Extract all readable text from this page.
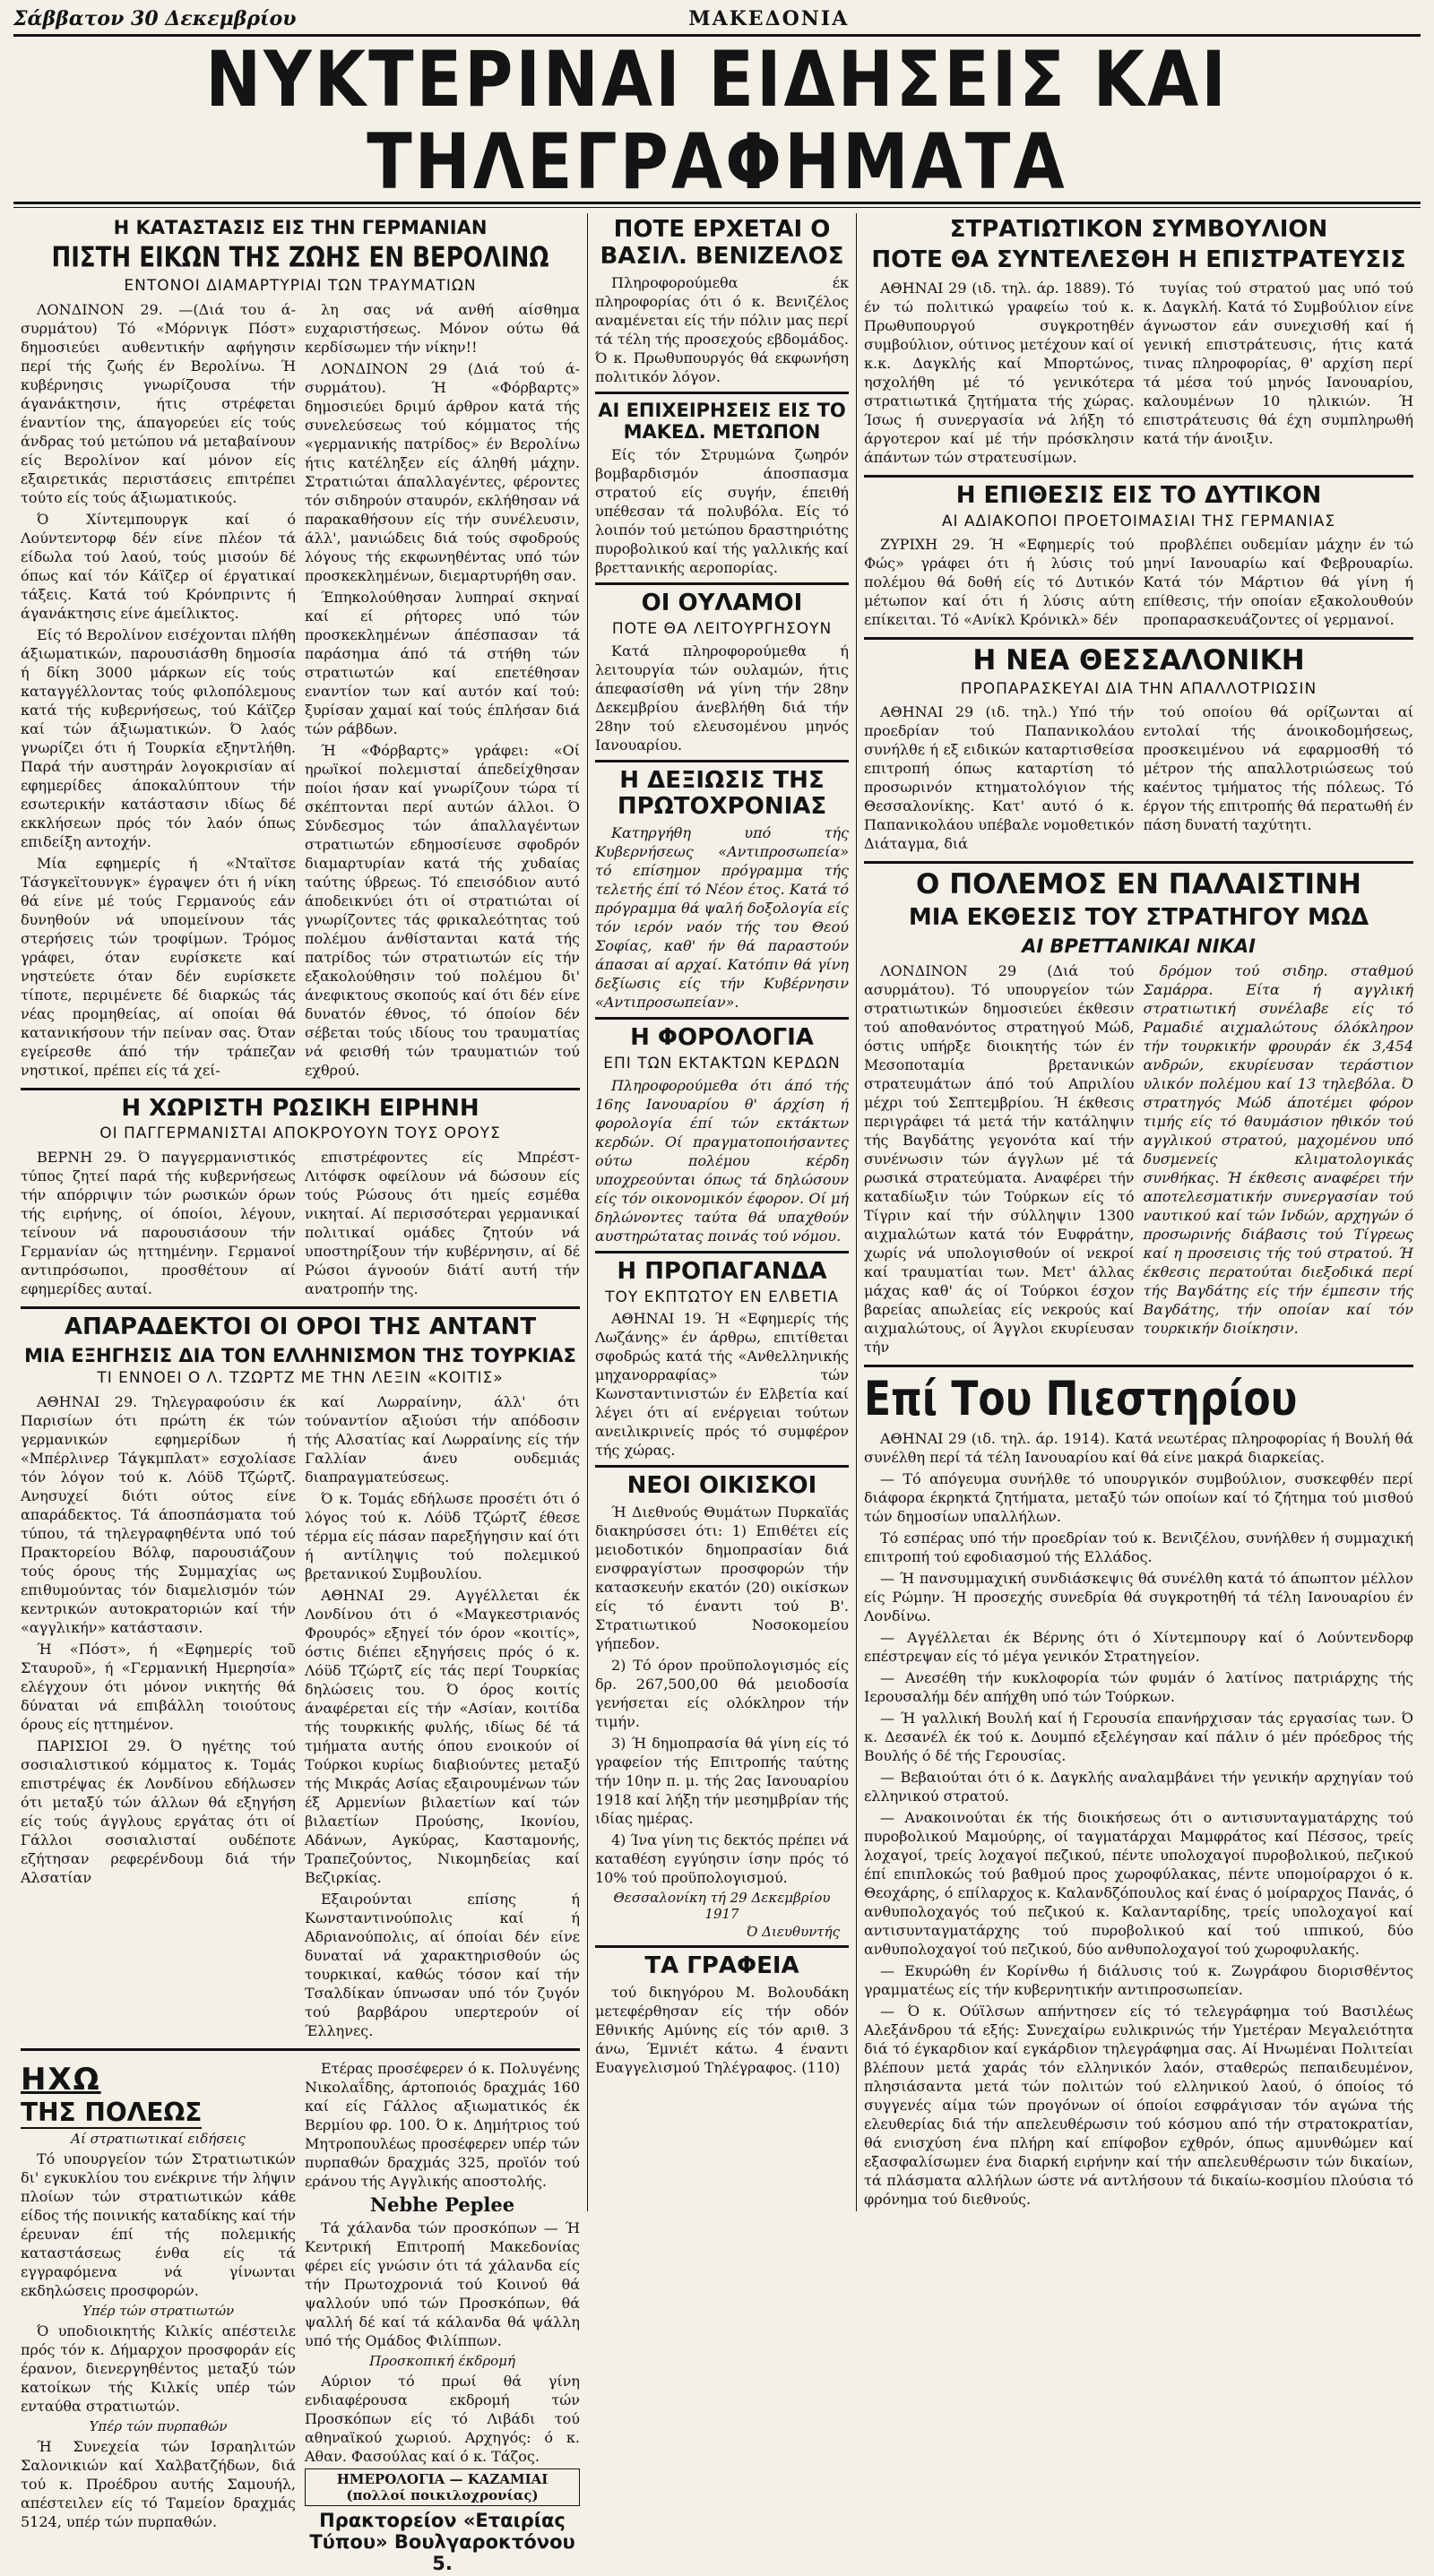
Σάββατον 30 Δεκεμβρίου	ΜΑΚΕΔΟΝΙΑ
ΝΥΚΤΕΡΙΝΑΙ ΕΙΔΗΣΕΙΣ ΚΑΙ ΤΗΛΕΓΡΑΦΗΜΑΤΑ
Η ΚΑΤΑΣΤΑΣΙΣ ΕΙΣ ΤΗΝ ΓΕΡΜΑΝΙΑΝ
ΠΙΣΤΗ ΕΙΚΩΝ ΤΗΣ ΖΩΗΣ ΕΝ ΒΕΡΟΛΙΝΩ
ΕΝΤΟΝΟΙ ΔΙΑΜΑΡΤΥΡΙΑΙ ΤΩΝ ΤΡΑΥΜΑΤΙΩΝ

ΛΟΝΔΙΝΟΝ 29. —(Διά του ά-συρμάτου) Τό «Μόρνιγκ Πόστ» δημοσιεύει αυθεντικήν αφήγησιν περί τής ζωής έν Βερολίνω. Ή κυβέρνησις γνωρίζουσα τήν άγανάκτησιν, ήτις στρέφεται έναντίον της, άπαγορεύει είς τούς άνδρας τού μετώπου νά μεταβαίνουν είς Βερολίνον καί μόνον είς εξαιρετικάς περιστάσεις επιτρέπει τούτο είς τούς άξιωματικούς.

Ό Χίντεμπουργκ καί ό Λούντεντορφ δέν είνε πλέον τά είδωλα τού λαού, τούς μισούν δέ όπως καί τόν Κάϊζερ οί έργατικαί τάξεις. Κατά τού Κρόνπριντς ή άγανάκτησις είνε άμείλικτος.

Είς τό Βερολίνον εισέχονται πλήθη άξιωματικών, παρουσιάσθη δημοσία ή δίκη 3000 μάρκων είς τούς καταγγέλλοντας τούς φιλοπόλεμους κατά τής κυβερνήσεως, τού Κάϊζερ καί τών άξιωματικών. Ό λαός γνωρίζει ότι ή Τουρκία εξηντλήθη. Παρά τήν αυστηράν λογοκρισίαν αί εφημερίδες άποκαλύπτουν τήν εσωτερικήν κατάστασιν ιδίως δέ εκκλήσεων πρός τόν λαόν όπως επιδείξη αντοχήν.

Μία εφημερίς ή «Νταϊτσε Τάσγκεϊτουνγκ» έγραψεν ότι ή νίκη θά είνε μέ τούς Γερμανούς εάν δυνηθούν νά υπομείνουν τάς στερήσεις τών τροφίμων. Τρόμος γράφει, όταν ευρίσκετε καί νηστεύετε όταν δέν ευρίσκετε τίποτε, περιμένετε δέ διαρκώς τάς νέας προμηθείας, αί οποίαι θά κατανικήσουν τήν πείναν σας. Όταν εγείρεσθε άπό τήν τράπεζαν νηστικοί, πρέπει είς τά χεί-

λη σας νά ανθή αίσθημα ευχαριστήσεως. Μόνον ούτω θά κερδίσωμεν τήν νίκην!!

ΛΟΝΔΙΝΟΝ 29 (Διά τού ά-συρμάτου). Ή «Φόρβαρτς» δημοσιεύει δριμύ άρθρον κατά τής συνελεύσεως τού κόμματος τής «γερμανικής πατρίδος» έν Βερολίνω ήτις κατέληξεν είς άληθή μάχην. Στρατιώται άπαλλαγέντες, φέροντες τόν σιδηρούν σταυρόν, εκλήθησαν νά παρακαθήσουν είς τήν συνέλευσιν, άλλ', μανιώδεις διά τούς σφοδρούς λόγους τής εκφωνηθέντας υπό τών προσκεκλημένων, διεμαρτυρήθη σαν.

Έπηκολούθησαν λυπηραί σκηναί καί εί ρήτορες υπό τών προσκεκλημένων άπέσπασαν τά παράσημα άπό τά στήθη τών στρατιωτών καί επετέθησαν εναντίον των καί αυτόν καί τού: ξυρίσαν χαμαί καί τούς έπλήσαν διά τών ράβδων.

Ή «Φόρβαρτς» γράφει: «Οί ηρωϊκοί πολεμισταί άπεδείχθησαν ποίοι ήσαν καί γνωρίζουν τώρα τί σκέπτονται περί αυτών άλλοι. Ό Σύνδεσμος τών άπαλλαγέντων στρατιωτών εδημοσίευσε σφοδρόν διαμαρτυρίαν κατά τής χυδαίας ταύτης ύβρεως. Τό επεισόδιον αυτό άποδεικνύει ότι οί στρατιώται οί γνωρίζοντες τάς φρικαλεότητας τού πολέμου άνθίστανται κατά τής πατρίδος τών στρατιωτών είς τήν εξακολούθησιν τού πολέμου δι' άνεφικτους σκοπούς καί ότι δέν είνε δυνατόν έθνος, τό όποίον δέν σέβεται τούς ιδίους του τραυματίας νά φεισθή τών τραυματιών τού εχθρού.

Η ΧΩΡΙΣΤΗ ΡΩΣΙΚΗ ΕΙΡΗΝΗ
ΟΙ ΠΑΓΓΕΡΜΑΝΙΣΤΑΙ ΑΠΟΚΡΟΥΟΥΝ ΤΟΥΣ ΟΡΟΥΣ

ΒΕΡΝΗ 29. Ό παγγερμανιστικός τύπος ζητεί παρά τής κυβερνήσεως τήν απόρριψιν τών ρωσικών όρων τής ειρήνης, οί όποίοι, λέγουν, τείνουν νά παρουσιάσουν τήν Γερμανίαν ώς ηττημένην. Γερμανοί αντιπρόσωποι, προσθέτουν αί εφημερίδες αυταί.

επιστρέφοντες είς Μπρέστ-Λιτόφσκ οφείλουν νά δώσουν είς τούς Ρώσους ότι ημείς εσμέθα νικηταί. Αί περισσότεραι γερμανικαί πολιτικαί ομάδες ζητούν νά υποστηρίξουν τήν κυβέρνησιν, αί δέ Ρώσοι άγνοούν διάτί αυτή τήν ανατροπήν της.

ΑΠΑΡΑΔΕΚΤΟΙ ΟΙ ΟΡΟΙ ΤΗΣ ΑΝΤΑΝΤ
ΜΙΑ ΕΞΗΓΗΣΙΣ ΔΙΑ ΤΟΝ ΕΛΛΗΝΙΣΜΟΝ ΤΗΣ ΤΟΥΡΚΙΑΣ
ΤΙ ΕΝΝΟΕΙ Ο Λ. ΤΖΩΡΤΖ ΜΕ ΤΗΝ ΛΕΞΙΝ «ΚΟΙΤΙΣ»

ΑΘΗΝΑΙ 29. Τηλεγραφούσιν έκ Παρισίων ότι πρώτη έκ τών γερμανικών εφημερίδων ή «Μπέρλινερ Τάγκμπλατ» εσχολίασε τόν λόγον τού κ. Λόϋδ Τζώρτζ. Ανησυχεί διότι ούτος είνε απαράδεκτος. Τά άποσπάσματα τού τύπου, τά τηλεγραφηθέντα υπό τού Πρακτορείου Βόλφ, παρουσιάζουν τούς όρους τής Συμμαχίας ως επιθυμούντας τόν διαμελισμόν τών κεντρικών αυτοκρατοριών καί τήν «αγγλικήν» κατάστασιν.

Ή «Πόστ», ή «Εφημερίς τοῦ Σταυροῦ», ή «Γερμανική Ημερησία» ελέγχουν ότι μόνον νικητής θά δύναται νά επιβάλλη τοιούτους όρους είς ηττημένον.

ΠΑΡΙΣΙΟΙ 29. Ό ηγέτης τού σοσιαλιστικού κόμματος κ. Τομάς επιστρέψας έκ Λονδίνου εδήλωσεν ότι μεταξύ τών άλλων θά εξηγήση είς τούς άγγλους εργάτας ότι οί Γάλλοι σοσιαλισταί ουδέποτε εζήτησαν ρεφερένδουμ διά τήν Αλσατίαν

καί Λωρραίνην, άλλ' ότι τούναντίον αξιούσι τήν απόδοσιν τής Αλσατίας καί Λωρραίνης είς τήν Γαλλίαν άνευ ουδεμιάς διαπραγματεύσεως.

Ό κ. Τομάς εδήλωσε προσέτι ότι ό λόγος τού κ. Λόϋδ Τζώρτζ έθεσε τέρμα είς πάσαν παρεξήγησιν καί ότι ή αντίληψις τού πολεμικού βρετανικού Συμβουλίου.

ΑΘΗΝΑΙ 29. Αγγέλλεται έκ Λονδίνου ότι ό «Μαγκεστριανός Φρουρός» εξηγεί τόν όρον «κοιτίς», όστις διέπει εξηγήσεις πρός ό κ. Λόϋδ Τζώρτζ είς τάς περί Τουρκίας δηλώσεις του. Ό όρος κοιτίς άναφέρεται είς τήν «Ασίαν, κοιτίδα τής τουρκικής φυλής, ιδίως δέ τά τμήματα αυτής όπου ενοικούν οί Τούρκοι κυρίως διαβιούντες μεταξύ τής Μικράς Ασίας εξαιρουμένων τών έξ Αρμενίων βιλαετίων καί τών βιλαετίων Προύσης, Ικονίου, Αδάνων, Αγκύρας, Κασταμονής, Τραπεζούντος, Νικομηδείας καί Βεζιρκίας.

Εξαιρούνται επίσης ή Κωνσταντινούπολις καί ή Αδριανούπολις, αί όποίαι δέν είνε δυναταί νά χαρακτηρισθούν ώς τουρκικαί, καθώς τόσον καί τήν Τσαλδίκαν ύπνωσαν υπό τόν ζυγόν τού βαρβάρου υπερτερούν οί Έλληνες.

ΗΧΩ
ΤΗΣ ΠΟΛΕΩΣ
Αί στρατιωτικαί ειδήσεις

Τό υπουργείον τών Στρατιωτικών δι' εγκυκλίου του ενέκρινε τήν λήψιν πλοίων τών στρατιωτικών κάθε είδος τής ποινικής καταδίκης καί τήν έρευναν έπί τής πολεμικής καταστάσεως ένθα είς τά εγγραφόμενα νά γίνωνται εκδηλώσεις προσφορών.

Υπέρ τών στρατιωτών

Ό υποδιοικητής Κιλκίς απέστειλε πρός τόν κ. Δήμαρχον προσφοράν είς έρανον, διενεργηθέντος μεταξύ τών κατοίκων τής Κιλκίς υπέρ τών ενταύθα στρατιωτών.

Υπέρ τών πυρπαθών

Ή Συνεχεία τών Ισραηλιτών Σαλονικιών καί Χαλβατζήδων, διά τού κ. Προέδρου αυτής Σαμουήλ, απέστειλεν είς τό Ταμείον δραχμάς 5124, υπέρ τών πυρπαθών.

Ετέρας προσέφερεν ό κ. Πολυγένης Νικολαΐδης, άρτοποιός δραχμάς 160 καί είς Γάλλος αξιωματικός έκ Βερμίου φρ. 100. Ό κ. Δημήτριος τού Μητροπουλέως προσέφερεν υπέρ τών πυρπαθών δραχμάς 325, προϊόν τού εράνου τής Αγγλικής αποστολής.

Nebhe Peplee

Τά χάλανδα τών προσκόπων — Ή Κεντρική Επιτροπή Μακεδονίας φέρει είς γνώσιν ότι τά χάλανδα είς τήν Πρωτοχρονιά τού Κοινού θά ψαλλούν υπό τών Προσκόπων, θά ψαλλή δέ καί τά κάλανδα θά ψάλλη υπό τής Ομάδος Φιλίππων.

Προσκοπική έκδρομή

Αύριον τό πρωί θά γίνη ενδιαφέρουσα εκδρομή τών Προσκόπων είς τό Λιβάδι τού αθηναϊκού χωριού. Αρχηγός: ό κ. Αθαν. Φασούλας καί ό κ. Τάζος.

ΗΜΕΡΟΛΟΓΙΑ — ΚΑΖΑΜΙΑΙ (πολλοί ποικιλοχρονίας)
Πρακτορείον «Εταιρίας Τύπου» Βουλγαροκτόνου 5.
ΠΟΤΕ ΕΡΧΕΤΑΙ Ο ΒΑΣΙΛ. ΒΕΝΙΖΕΛΟΣ

Πληροφορούμεθα έκ πληροφορίας ότι ό κ. Βενιζέλος αναμένεται είς τήν πόλιν μας περί τά τέλη τής προσεχούς εβδομάδος. Ό κ. Πρωθυπουργός θά εκφωνήση πολιτικόν λόγον.

ΑΙ ΕΠΙΧΕΙΡΗΣΕΙΣ ΕΙΣ ΤΟ ΜΑΚΕΔ. ΜΕΤΩΠΟΝ

Είς τόν Στρυμώνα ζωηρόν βομβαρδισμόν άποσπασμα στρατού είς συγήν, έπειθή υπέθεσαν τά πολυβόλα. Είς τό λοιπόν τού μετώπου δραστηριότης πυροβολικού καί τής γαλλικής καί βρεττανικής αεροπορίας.

ΟΙ ΟΥΛΑΜΟΙ
ΠΟΤΕ ΘΑ ΛΕΙΤΟΥΡΓΗΣΟΥΝ

Κατά πληροφορούμεθα ή λειτουργία τών ουλαμών, ήτις άπεφασίσθη νά γίνη τήν 28ην Δεκεμβρίου άνεβλήθη διά τήν 28ην τού ελευσομένου μηνός Ιανουαρίου.

Η ΔΕΞΙΩΣΙΣ ΤΗΣ ΠΡΩΤΟΧΡΟΝΙΑΣ

Κατηργήθη υπό τής Κυβερνήσεως «Αντιπροσωπεία» τό επίσημον πρόγραμμα τής τελετής έπί τό Νέον έτος. Κατά τό πρόγραμμα θά ψαλή δοξολογία είς τόν ιερόν ναόν τής του Θεού Σοφίας, καθ' ήν θά παραστούν άπασαι αί αρχαί. Κατόπιν θά γίνη δεξίωσις είς τήν Κυβέρνησιν «Αντιπροσωπείαν».

Η ΦΟΡΟΛΟΓΙΑ
ΕΠΙ ΤΩΝ ΕΚΤΑΚΤΩΝ ΚΕΡΔΩΝ

Πληροφορούμεθα ότι άπό τής 16ης Ιανουαρίου θ' άρχίση ή φορολογία έπί τών εκτάκτων κερδών. Οί πραγματοποιήσαντες ούτω πολέμου κέρδη υποχρεούνται όπως τά δηλώσουν είς τόν οικονομικόν έφορον. Οί μή δηλώνοντες ταύτα θά υπαχθούν αυστηρώτατας ποινάς τού νόμου.

Η ΠΡΟΠΑΓΑΝΔΑ
ΤΟΥ ΕΚΠΤΩΤΟΥ ΕΝ ΕΛΒΕΤΙΑ

ΑΘΗΝΑΙ 19. Ή «Εφημερίς τής Λωζάνης» έν άρθρω, επιτίθεται σφοδρώς κατά τής «Ανθελληνικής μηχανορραφίας» τών Κωνσταντινιστών έν Ελβετία καί λέγει ότι αί ενέργειαι τούτων ανειλικρινείς πρός τό συμφέρον τής χώρας.

ΝΕΟΙ ΟΙΚΙΣΚΟΙ

Ή Διεθνούς Θυμάτων Πυρκαϊάς διακηρύσσει ότι: 1) Επιθέτει είς μειοδοτικόν δημοπρασίαν διά ενσφραγίστων προσφορών τήν κατασκευήν εκατόν (20) οικίσκων είς τό έναντι τού Β'. Στρατιωτικού Νοσοκομείου γήπεδον.

2) Τό όρον προϋπολογισμός είς δρ. 267,500,00 θά μειοδοσία γενήσεται είς ολόκληρον τήν τιμήν.

3) Ή δημοπρασία θά γίνη είς τό γραφείον τής Επιτροπής ταύτης τήν 10ην π. μ. τής 2ας Ιανουαρίου 1918 καί λήξη τήν μεσημβρίαν τής ιδίας ημέρας.

4) Ίνα γίνη τις δεκτός πρέπει νά καταθέση εγγύησιν ίσην πρός τό 10% τού προϋπολογισμού.

Θεσσαλονίκη τή 29 Δεκεμβρίου 1917
Ό Διευθυντής
ΤΑ ΓΡΑΦΕΙΑ

τού δικηγόρου Μ. Βολουδάκη μετεφέρθησαν είς τήν οδόν Εθνικής Αμύνης είς τόν αριθ. 3 άνω, Έμνιέτ κάτω. 4 έναντι Ευαγγελισμού Τηλέγραφος. (110)

ΣΤΡΑΤΙΩΤΙΚΟΝ ΣΥΜΒΟΥΛΙΟΝ
ΠΟΤΕ ΘΑ ΣΥΝΤΕΛΕΣΘΗ Η ΕΠΙΣΤΡΑΤΕΥΣΙΣ

ΑΘΗΝΑΙ 29 (ιδ. τηλ. άρ. 1889). Τό έν τώ πολιτικώ γραφείω τού κ. Πρωθυπουργού συγκροτηθέν συμβούλιον, ούτινος μετέχουν καί οί κ.κ. Δαγκλής καί Μπορτώνος, ησχολήθη μέ τό γενικότερα στρατιωτικά ζητήματα τής χώρας. Ίσως ή συνεργασία νά λήξη τό άργοτερον καί μέ τήν πρόσκλησιν άπάντων τών στρατευσίμων.

τυγίας τού στρατού μας υπό τού κ. Δαγκλή. Κατά τό Συμβούλιον είνε άγνωστον εάν συνεχισθή καί ή γενική επιστράτευσις, ήτις κατά τινας πληροφορίας, θ' αρχίση περί τά μέσα τού μηνός Ιανουαρίου, καλουμένων 10 ηλικιών. Ή επιστράτευσις θά έχη συμπληρωθή κατά τήν άνοιξιν.

Η ΕΠΙΘΕΣΙΣ ΕΙΣ ΤΟ ΔΥΤΙΚΟΝ
ΑΙ ΑΔΙΑΚΟΠΟΙ ΠΡΟΕΤΟΙΜΑΣΙΑΙ ΤΗΣ ΓΕΡΜΑΝΙΑΣ

ΖΥΡΙΧΗ 29. Ή «Εφημερίς τού Φώς» γράφει ότι ή λύσις τού πολέμου θά δοθή είς τό Δυτικόν μέτωπον καί ότι ή λύσις αύτη επίκειται. Τό «Ανίκλ Κρόνικλ» δέν

προβλέπει ουδεμίαν μάχην έν τώ μηνί Ιανουαρίω καί Φεβρουαρίω. Κατά τόν Μάρτιον θά γίνη ή επίθεσις, τήν οποίαν εξακολουθούν προπαρασκευάζοντες οί γερμανοί.

Η ΝΕΑ ΘΕΣΣΑΛΟΝΙΚΗ
ΠΡΟΠΑΡΑΣΚΕΥΑΙ ΔΙΑ ΤΗΝ ΑΠΑΛΛΟΤΡΙΩΣΙΝ

ΑΘΗΝΑΙ 29 (ιδ. τηλ.) Υπό τήν προεδρίαν τού Παπανικολάου συνήλθε ή εξ ειδικών καταρτισθείσα επιτροπή όπως καταρτίση τό προσωρινόν κτηματολόγιον τής Θεσσαλονίκης. Κατ' αυτό ό κ. Παπανικολάου υπέβαλε νομοθετικόν Διάταγμα, διά

τού οποίου θά ορίζωνται αί εντολαί τής άνοικοδομήσεως, προσκειμένου νά εφαρμοσθή τό μέτρον τής απαλλοτριώσεως τού καέντος τμήματος τής πόλεως. Τό έργον τής επιτροπής θά περατωθή έν πάση δυνατή ταχύτητι.

Ο ΠΟΛΕΜΟΣ ΕΝ ΠΑΛΑΙΣΤΙΝΗ
ΜΙΑ ΕΚΘΕΣΙΣ ΤΟΥ ΣΤΡΑΤΗΓΟΥ ΜΩΔ
ΑΙ ΒΡΕΤΤΑΝΙΚΑΙ ΝΙΚΑΙ

ΛΟΝΔΙΝΟΝ 29 (Διά τού ασυρμάτου). Τό υπουργείον τών στρατιωτικών δημοσιεύει έκθεσιν τού αποθανόντος στρατηγού Μώδ, όστις υπήρξε διοικητής τών έν Μεσοποταμία βρετανικών στρατευμάτων άπό τού Απριλίου μέχρι τού Σεπτεμβρίου. Ή έκθεσις περιγράφει τά μετά τήν κατάληψιν τής Βαγδάτης γεγονότα καί τήν συνένωσιν τών άγγλων μέ τά ρωσικά στρατεύματα. Αναφέρει τήν καταδίωξιν τών Τούρκων είς τό Τίγριν καί τήν σύλληψιν 1300 αιχμαλώτων κατά τόν Ευφράτην, χωρίς νά υπολογισθούν οί νεκροί καί τραυματίαι των. Μετ' άλλας μάχας καθ' άς οί Τούρκοι έσχον βαρείας απωλείας είς νεκρούς καί αιχμαλώτους, οί Άγγλοι εκυρίευσαν τήν

δρόμον τού σιδηρ. σταθμού Σαμάρρα. Είτα ή αγγλική στρατιωτική συνέλαβε είς τό Ραμαδιέ αιχμαλώτους όλόκληρον τήν τουρκικήν φρουράν έκ 3,454 ανδρών, εκυρίευσαν τεράστιον υλικόν πολέμου καί 13 τηλεβόλα. Ό στρατηγός Μώδ άποτέμει φόρον τιμής είς τό θαυμάσιον ηθικόν τού αγγλικού στρατού, μαχομένου υπό δυσμενείς κλιματολογικάς συνθήκας. Ή έκθεσις αναφέρει τήν αποτελεσματικήν συνεργασίαν τού ναυτικού καί τών Ινδών, αρχηγών ό προσωρινής διάβασις τού Τίγρεως καί η προσεισις τής τού στρατού. Ή έκθεσις περατούται διεξοδικά περί τής Βαγδάτης είς τήν έμπεσιν τής Βαγδάτης, τήν οποίαν καί τόν τουρκικήν διοίκησιν.

Επί Του Πιεστηρίου

ΑΘΗΝΑΙ 29 (ιδ. τηλ. άρ. 1914). Κατά νεωτέρας πληροφορίας ή Βουλή θά συνέλθη περί τά τέλη Ιανουαρίου καί θά είνε μακρά διαρκείας.

— Τό απόγευμα συνήλθε τό υπουργικόν συμβούλιον, συσκεφθέν περί διάφορα έκρηκτά ζητήματα, μεταξύ τών οποίων καί τό ζήτημα τού μισθού τών δημοσίων υπαλλήλων.

Τό εσπέρας υπό τήν προεδρίαν τού κ. Βενιζέλου, συνήλθεν ή συμμαχική επιτροπή τού εφοδιασμού τής Ελλάδος.

— Ή πανσυμμαχική συνδιάσκεψις θά συνέλθη κατά τό άπωπτον μέλλον είς Ρώμην. Ή προσεχής συνεδρία θά συγκροτηθή τά τέλη Ιανουαρίου έν Λονδίνω.

— Αγγέλλεται έκ Βέρνης ότι ό Χίντεμπουργ καί ό Λούντενδορφ επέστρεψαν είς τό μέγα γενικόν Στρατηγείον.

— Ανεσέθη τήν κυκλοφορία τών φυμάν ό λατίνος πατριάρχης τής Ιερουσαλήμ δέν απήχθη υπό τών Τούρκων.

— Ή γαλλική Βουλή καί ή Γερουσία επανήρχισαν τάς εργασίας των. Ό κ. Δεσανέλ έκ τού κ. Δουμπό εξελέγησαν καί πάλιν ό μέν πρόεδρος τής Βουλής ό δέ τής Γερουσίας.

— Βεβαιούται ότι ό κ. Δαγκλής αναλαμβάνει τήν γενικήν αρχηγίαν τού ελληνικού στρατού.

— Ανακοινούται έκ τής διοικήσεως ότι ο αντισυνταγματάρχης τού πυροβολικού Μαμούρης, οί ταγματάρχαι Μαμφράτος καί Πέσσος, τρείς λοχαγοί, τρείς λοχαγοί πεζικού, πέντε υπολοχαγοί πυροβολικού, πεζικού έπί επιπλοκώς τού βαθμού προς χωροφύλακας, πέντε υπομοίραρχοι ό κ. Θεοχάρης, ό επίλαρχος κ. Καλανδζόπουλος καί ένας ό μοίραρχος Πανάς, ό ανθυπολοχαγός τού πεζικού κ. Καλανταρίδης, τρείς υπολοχαγοί καί αντισυνταγματάρχης τού πυροβολικού καί τού ιππικού, δύο ανθυπολοχαγοί τού πεζικού, δύο ανθυπολοχαγοί τού χωροφυλακής.

— Εκυρώθη έν Κορίνθω ή διάλυσις τού κ. Ζωγράφου διορισθέντος γραμματέως είς τήν κυβερνητικήν αντιπροσωπείαν.

— Ό κ. Ούϊλσων απήντησεν είς τό τελεγράφημα τού Βασιλέως Αλεξάνδρου τά εξής: Συνεχαίρω ευλικρινώς τήν Υμετέραν Μεγαλειότητα διά τό έγκαρδιον καί εγκάρδιον τηλεγράφημα σας. Αί Ηνωμέναι Πολιτείαι βλέπουν μετά χαράς τόν ελληνικόν λαόν, σταθερώς πεπαιδευμένον, πλησιάσαντα μετά τών πολιτών τού ελληνικού λαού, ό όποίος τό συγγενές αίμα τών προγόνων οί όποίοι εσφράγισαν τόν αγώνα τής ελευθερίας διά τήν απελευθέρωσιν τού κόσμου από τήν στρατοκρατίαν, θά ενισχύση ένα πλήρη καί επίφοβον εχθρόν, όπως αμυνθώμεν καί εξασφαλίσωμεν ένα διαρκή ειρήνην καί τήν απελευθέρωσιν τών δικαίων, τά πλάσματα αλλήλων ώστε νά αντλήσουν τά δικαίω-κοσμίου πλούσια τό φρόνημα τού διεθνούς.
